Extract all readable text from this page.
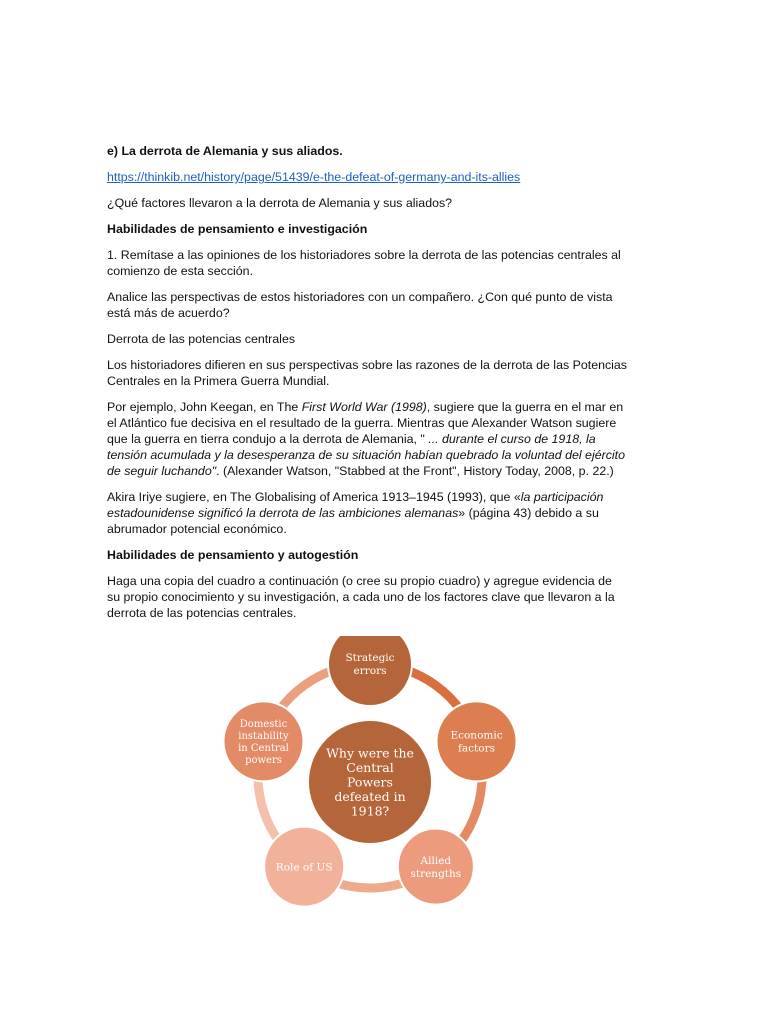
e) La derrota de Alemania y sus aliados.

https://thinkib.net/history/page/51439/e-the-defeat-of-germany-and-its-allies

¿Qué factores llevaron a la derrota de Alemania y sus aliados?

Habilidades de pensamiento e investigación

1. Remítase a las opiniones de los historiadores sobre la derrota de las potencias centrales al comienzo de esta sección.

Analice las perspectivas de estos historiadores con un compañero. ¿Con qué punto de vista está más de acuerdo?

Derrota de las potencias centrales

Los historiadores difieren en sus perspectivas sobre las razones de la derrota de las Potencias Centrales en la Primera Guerra Mundial.

Por ejemplo, John Keegan, en The First World War (1998), sugiere que la guerra en el mar en el Atlántico fue decisiva en el resultado de la guerra. Mientras que Alexander Watson sugiere que la guerra en tierra condujo a la derrota de Alemania, " ... durante el curso de 1918, la tensión acumulada y la desesperanza de su situación habían quebrado la voluntad del ejército de seguir luchando". (Alexander Watson, "Stabbed at the Front", History Today, 2008, p. 22.)

Akira Iriye sugiere, en The Globalising of America 1913–1945 (1993), que «la participación estadounidense significó la derrota de las ambiciones alemanas» (página 43) debido a su abrumador potencial económico.

Habilidades de pensamiento y autogestión

Haga una copia del cuadro a continuación (o cree su propio cuadro) y agregue evidencia de su propio conocimiento y su investigación, a cada uno de los factores clave que llevaron a la derrota de las potencias centrales.

Strategic
errors
Economic
factors
Allied
strengths
Role of US
Domestic
instability
in Central
powers
Why were the
Central
Powers
defeated in
1918?
